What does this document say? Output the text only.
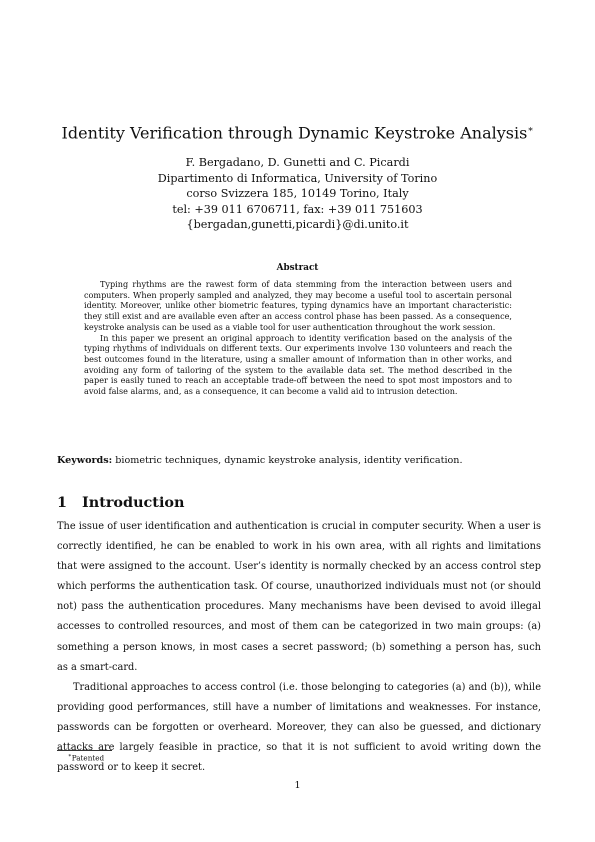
Identity Verification through Dynamic Keystroke Analysis∗
F. Bergadano, D. Gunetti and C. Picardi
Dipartimento di Informatica, University of Torino
corso Svizzera 185, 10149 Torino, Italy
tel: +39 011 6706711, fax: +39 011 751603
{bergadan,gunetti,picardi}@di.unito.it
Abstract

Typing rhythms are the rawest form of data stemming from the interaction between users and computers. When properly sampled and analyzed, they may become a useful tool to ascertain personal identity. Moreover, unlike other biometric features, typing dynamics have an important characteristic: they still exist and are available even after an access control phase has been passed. As a consequence, keystroke analysis can be used as a viable tool for user authentication throughout the work session.

In this paper we present an original approach to identity verification based on the analysis of the typing rhythms of individuals on different texts. Our experiments involve 130 volunteers and reach the best outcomes found in the literature, using a smaller amount of information than in other works, and avoiding any form of tailoring of the system to the available data set. The method described in the paper is easily tuned to reach an acceptable trade-off between the need to spot most impostors and to avoid false alarms, and, as a consequence, it can become a valid aid to intrusion detection.

Keywords: biometric techniques, dynamic keystroke analysis, identity verification.
1 Introduction

The issue of user identification and authentication is crucial in computer security. When a user is correctly identified, he can be enabled to work in his own area, with all rights and limitations that were assigned to the account. User’s identity is normally checked by an access control step which performs the authentication task. Of course, unauthorized individuals must not (or should not) pass the authentication procedures. Many mechanisms have been devised to avoid illegal accesses to controlled resources, and most of them can be categorized in two main groups: (a) something a person knows, in most cases a secret password; (b) something a person has, such as a smart-card.

Traditional approaches to access control (i.e. those belonging to categories (a) and (b)), while providing good performances, still have a number of limitations and weaknesses. For instance, passwords can be forgotten or overheard. Moreover, they can also be guessed, and dictionary attacks are largely feasible in practice, so that it is not sufficient to avoid writing down the password or to keep it secret.

∗Patented
1
